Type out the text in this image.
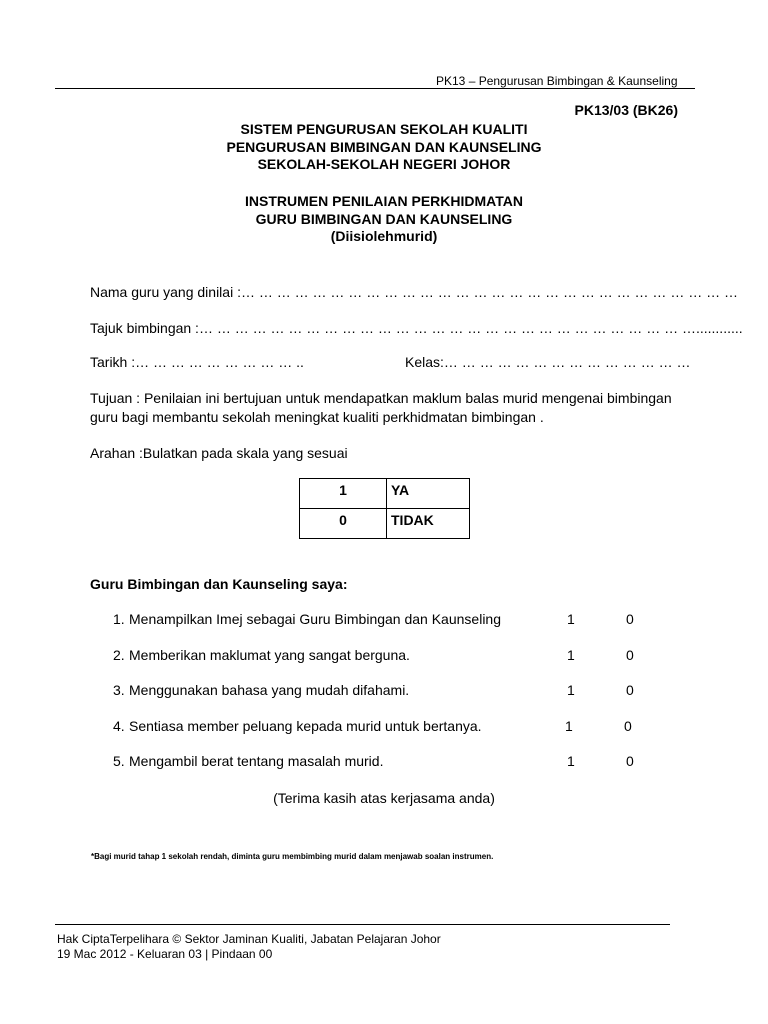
PK13 – Pengurusan Bimbingan & Kaunseling
PK13/03 (BK26)
SISTEM PENGURUSAN SEKOLAH KUALITI
PENGURUSAN BIMBINGAN DAN KAUNSELING
SEKOLAH-SEKOLAH NEGERI JOHOR
INSTRUMEN PENILAIAN PERKHIDMATAN
GURU BIMBINGAN DAN KAUNSELING
(Diisiolehmurid)
Nama guru yang dinilai :… … … … … … … … … … … … … … … … … … … … … … … … … … … …
Tajuk bimbingan :… … … … … … … … … … … … … … … … … … … … … … … … … … … …............
Tarikh :… … … … … … … … … ..	Kelas:… … … … … … … … … … … … … …
Tujuan : Penilaian ini bertujuan untuk mendapatkan maklum balas murid mengenai bimbingan guru bagi membantu sekolah meningkat kualiti perkhidmatan bimbingan .
Arahan :Bulatkan pada skala yang sesuai
1	YA
0	TIDAK
Guru Bimbingan dan Kaunseling saya:
1. Menampilkan Imej sebagai Guru Bimbingan dan Kaunseling	1	0
2. Memberikan maklumat yang sangat berguna.	1	0
3. Menggunakan bahasa yang mudah difahami.	1	0
4. Sentiasa member peluang kepada murid untuk bertanya.	1	0
5. Mengambil berat tentang masalah murid.	1	0
(Terima kasih atas kerjasama anda)
*Bagi murid tahap 1 sekolah rendah, diminta guru membimbing murid dalam menjawab soalan instrumen.
Hak CiptaTerpelihara © Sektor Jaminan Kualiti, Jabatan Pelajaran Johor
19 Mac 2012 - Keluaran 03 | Pindaan 00
